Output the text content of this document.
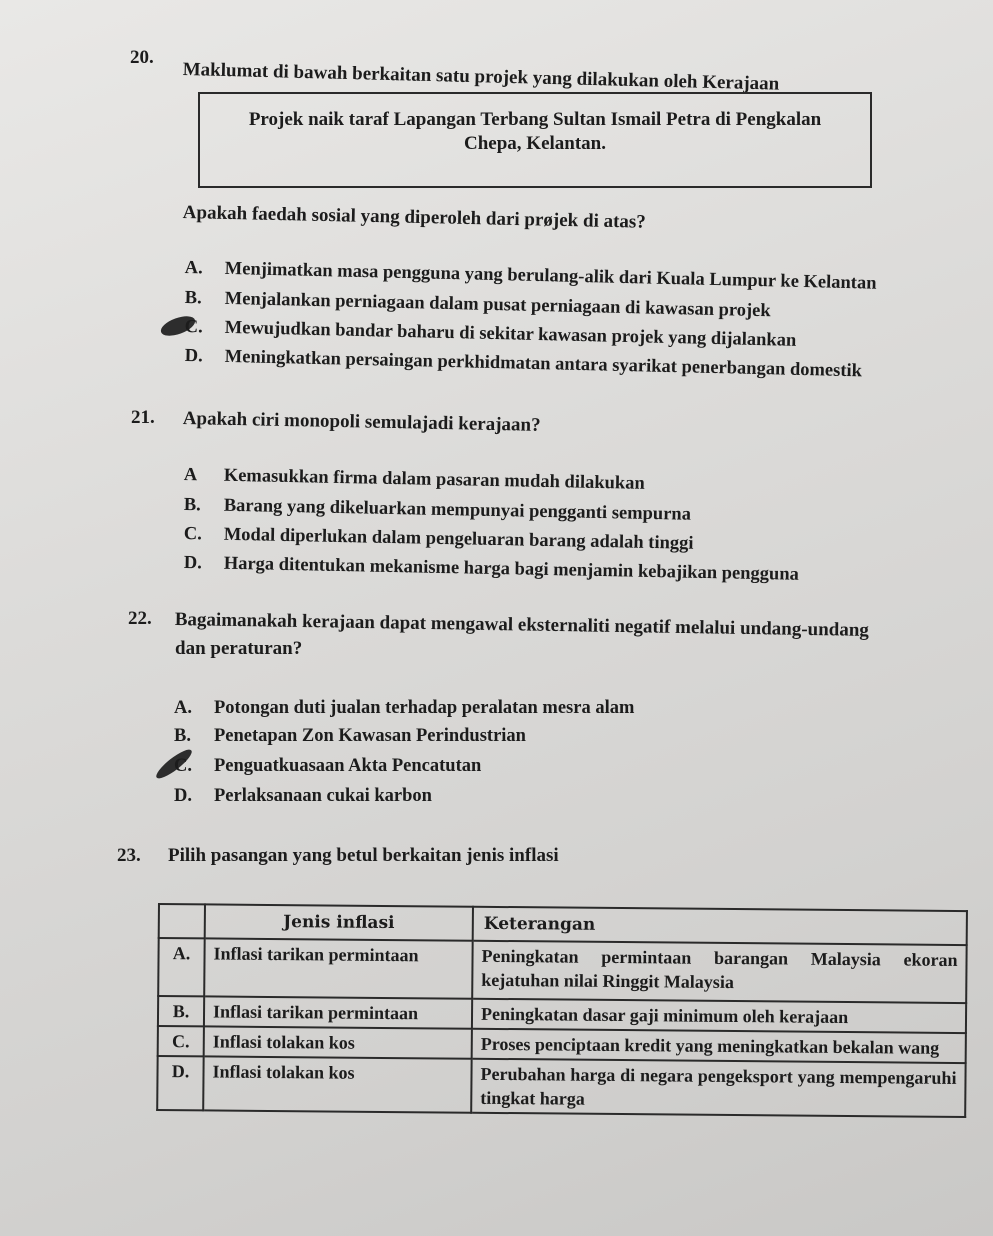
20.
Maklumat di bawah berkaitan satu projek yang dilakukan oleh Kerajaan
Projek naik taraf Lapangan Terbang Sultan Ismail Petra di Pengkalan
Chepa, Kelantan.
Apakah faedah sosial yang diperoleh dari prøjek di atas?
A. Menjimatkan masa pengguna yang berulang-alik dari Kuala Lumpur ke Kelantan
B. Menjalankan perniagaan dalam pusat perniagaan di kawasan projek
C. Mewujudkan bandar baharu di sekitar kawasan projek yang dijalankan
D. Meningkatkan persaingan perkhidmatan antara syarikat penerbangan domestik
21. Apakah ciri monopoli semulajadi kerajaan?
A Kemasukkan firma dalam pasaran mudah dilakukan
B. Barang yang dikeluarkan mempunyai pengganti sempurna
C. Modal diperlukan dalam pengeluaran barang adalah tinggi
D. Harga ditentukan mekanisme harga bagi menjamin kebajikan pengguna
22. Bagaimanakah kerajaan dapat mengawal eksternaliti negatif melalui undang-undang
dan peraturan?
A. Potongan duti jualan terhadap peralatan mesra alam
B. Penetapan Zon Kawasan Perindustrian
C. Penguatkuasaan Akta Pencatutan
D. Perlaksanaan cukai karbon
23. Pilih pasangan yang betul berkaitan jenis inflasi
	Jenis inflasi	Keterangan
A.	Inflasi tarikan permintaan	Peningkatan permintaan barangan Malaysia ekoran kejatuhan nilai Ringgit Malaysia
B.	Inflasi tarikan permintaan	Peningkatan dasar gaji minimum oleh kerajaan
C.	Inflasi tolakan kos	Proses penciptaan kredit yang meningkatkan bekalan wang
D.	Inflasi tolakan kos	Perubahan harga di negara pengeksport yang mempengaruhi tingkat harga
